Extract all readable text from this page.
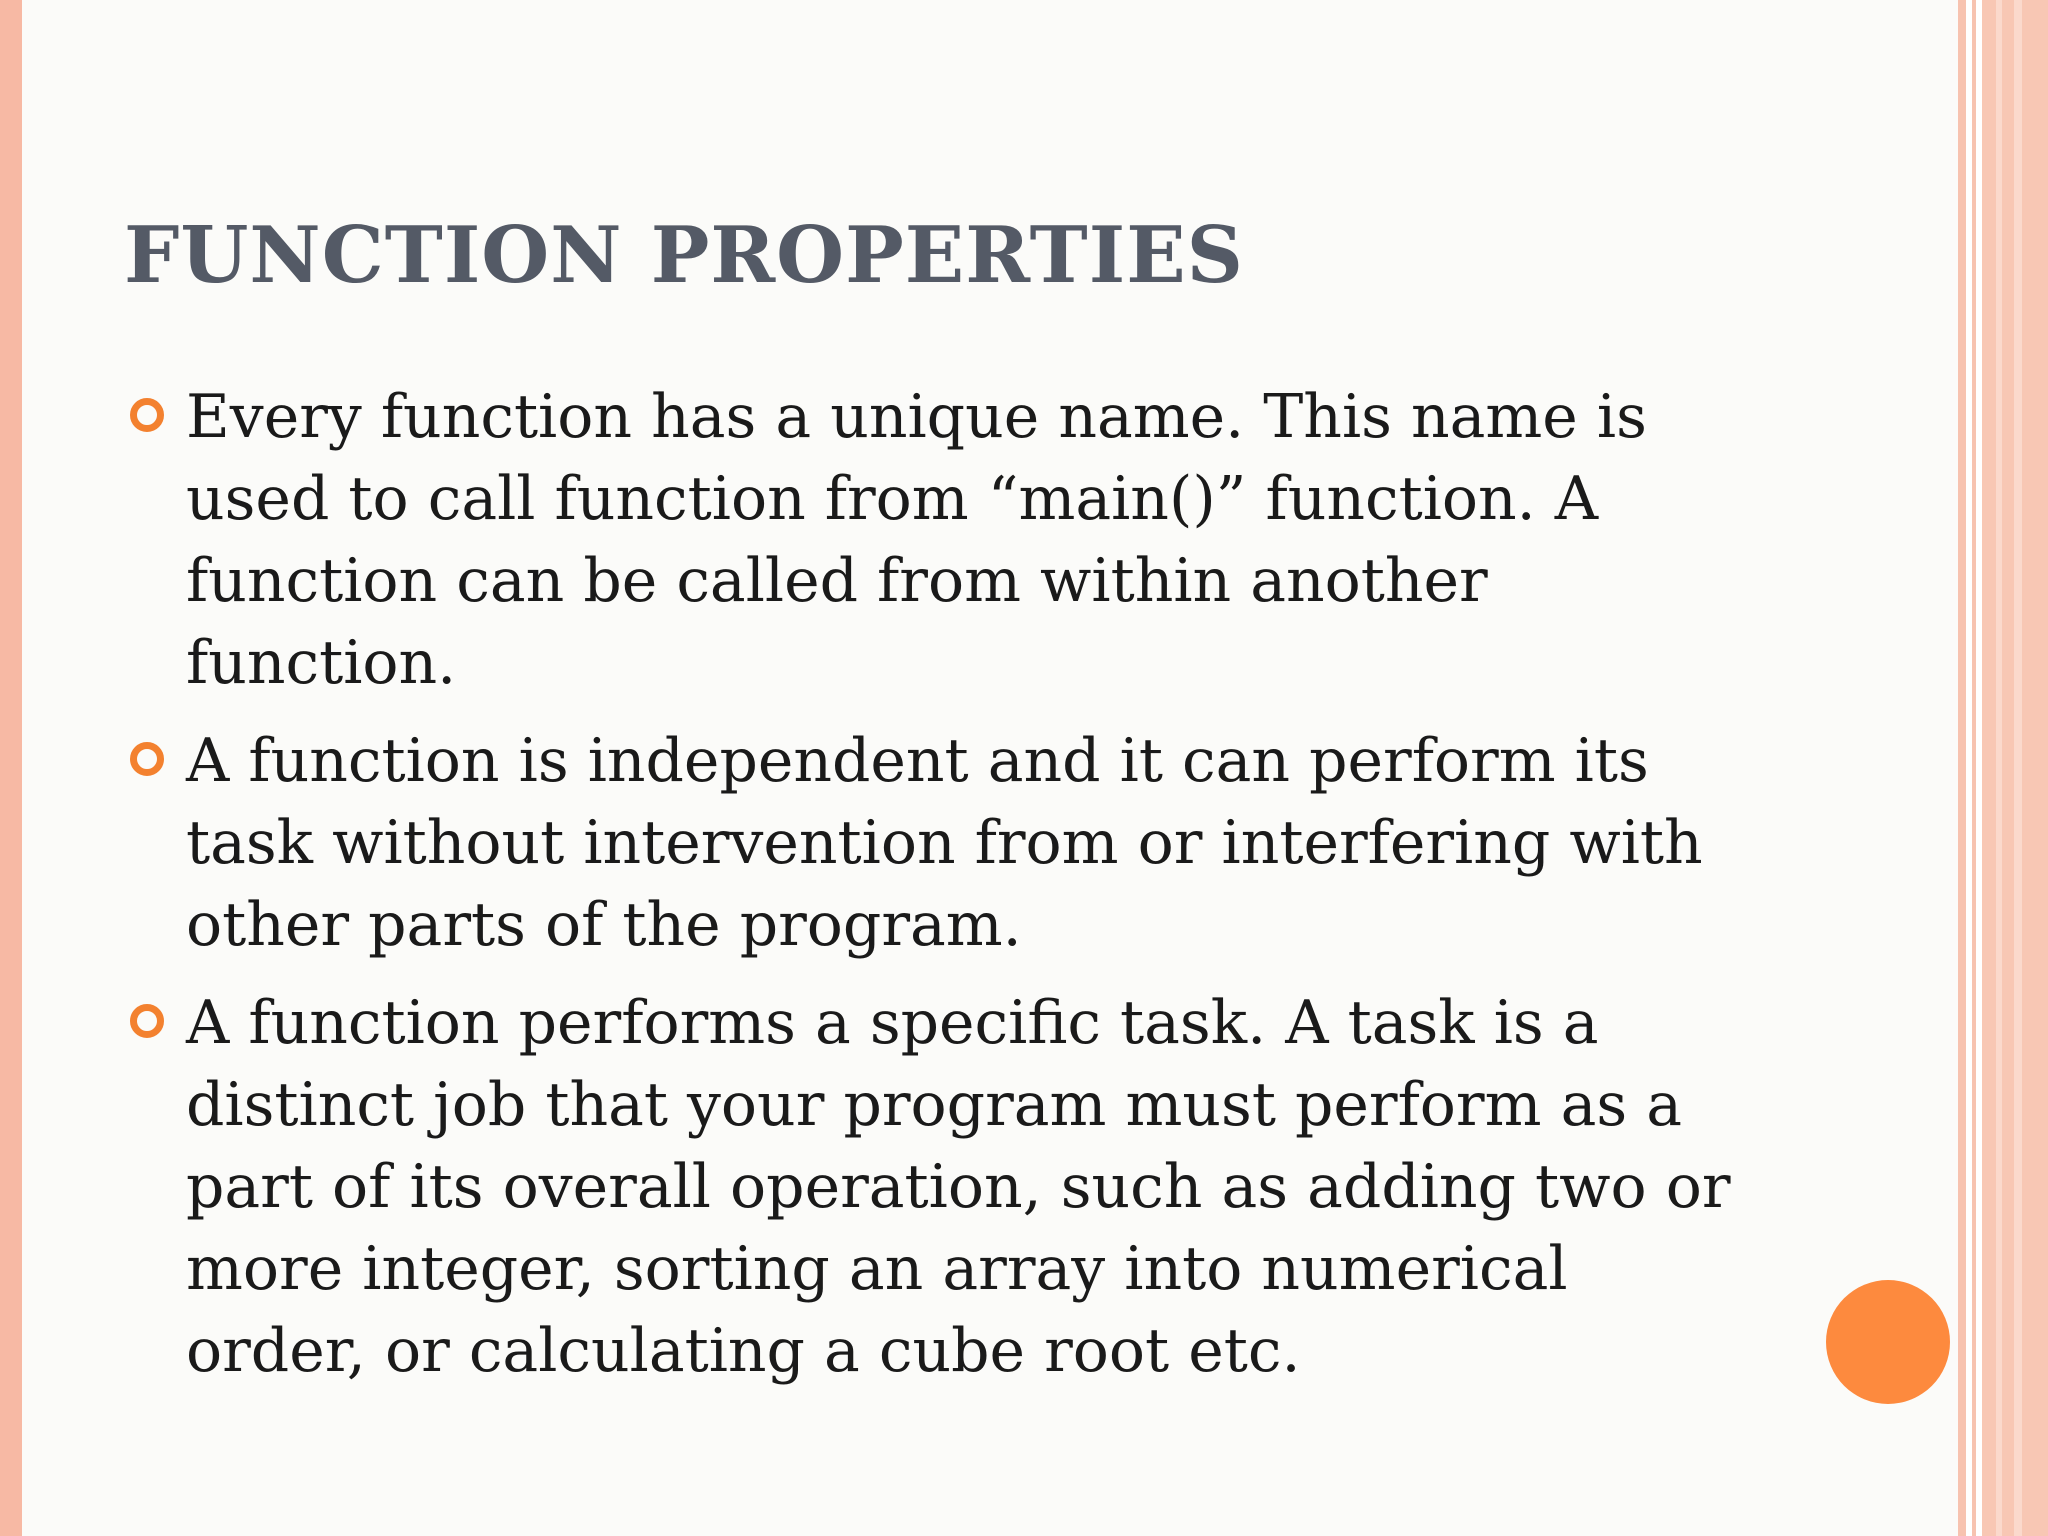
FUNCTION PROPERTIES
Every function has a unique name. This name is used to call function from “main()” function. A function can be called from within another function.
A function is independent and it can perform its task without intervention from or interfering with other parts of the program.
A function performs a specific task. A task is a distinct job that your program must perform as a part of its overall operation, such as adding two or more integer, sorting an array into numerical order, or calculating a cube root etc.
